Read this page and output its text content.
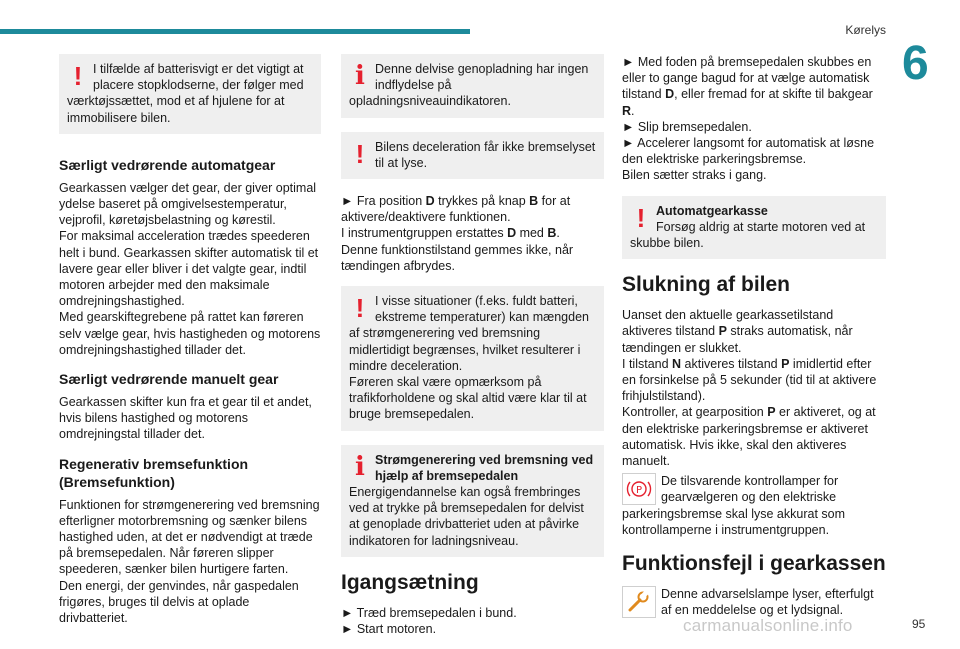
Kørelys
6
! I tilfælde af batterisvigt er det vigtigt at placere stopklodserne, der følger med værktøjssættet, mod et af hjulene for at immobilisere bilen.
Særligt vedrørende automatgear

Gearkassen vælger det gear, der giver optimal ydelse baseret på omgivelsestemperatur, vejprofil, køretøjsbelastning og kørestil.
For maksimal acceleration trædes speederen helt i bund. Gearkassen skifter automatisk til et lavere gear eller bliver i det valgte gear, indtil motoren arbejder med den maksimale omdrejningshastighed.
Med gearskiftegrebene på rattet kan føreren selv vælge gear, hvis hastigheden og motorens omdrejningshastighed tillader det.

Særligt vedrørende manuelt gear

Gearkassen skifter kun fra et gear til et andet, hvis bilens hastighed og motorens omdrejningstal tillader det.

Regenerativ bremsefunktion (Bremsefunktion)

Funktionen for strømgenerering ved bremsning efterligner motorbremsning og sænker bilens hastighed uden, at det er nødvendigt at træde på bremsepedalen. Når føreren slipper speederen, sænker bilen hurtigere farten.
Den energi, der genvindes, når gaspedalen frigøres, bruges til delvis at oplade drivbatteriet.

i Denne delvise genopladning har ingen indflydelse på opladningsniveauindikatoren.
! Bilens deceleration får ikke bremselyset til at lyse.

► Fra position D trykkes på knap B for at aktivere/deaktivere funktionen.
I instrumentgruppen erstattes D med B.
Denne funktionstilstand gemmes ikke, når tændingen afbrydes.

! I visse situationer (f.eks. fuldt batteri, ekstreme temperaturer) kan mængden af strømgenerering ved bremsning midlertidigt begrænses, hvilket resulterer i mindre deceleration.
Føreren skal være opmærksom på trafikforholdene og skal altid være klar til at bruge bremsepedalen.
i Strømgenerering ved bremsning ved hjælp af bremsepedalen
Energigendannelse kan også frembringes ved at trykke på bremsepedalen for delvist at genoplade drivbatteriet uden at påvirke indikatoren for ladningsniveau.
Igangsætning

► Træd bremsepedalen i bund.
► Start motoren.

► Med foden på bremsepedalen skubbes en eller to gange bagud for at vælge automatisk tilstand D, eller fremad for at skifte til bakgear R.
► Slip bremsepedalen.
► Accelerer langsomt for automatisk at løsne den elektriske parkeringsbremse.
Bilen sætter straks i gang.

! Automatgearkasse
Forsøg aldrig at starte motoren ved at skubbe bilen.
Slukning af bilen

Uanset den aktuelle gearkassetilstand aktiveres tilstand P straks automatisk, når tændingen er slukket.
I tilstand N aktiveres tilstand P imidlertid efter en forsinkelse på 5 sekunder (tid til at aktivere frihjulstilstand).
Kontroller, at gearposition P er aktiveret, og at den elektriske parkeringsbremse er aktiveret automatisk. Hvis ikke, skal den aktiveres manuelt.

P
De tilsvarende kontrollamper for gearvælgeren og den elektriske parkeringsbremse skal lyse akkurat som kontrollamperne i instrumentgruppen.
Funktionsfejl i gearkassen
Denne advarselslampe lyser, efterfulgt af en meddelelse og et lydsignal.
carmanualsonline.info	95
